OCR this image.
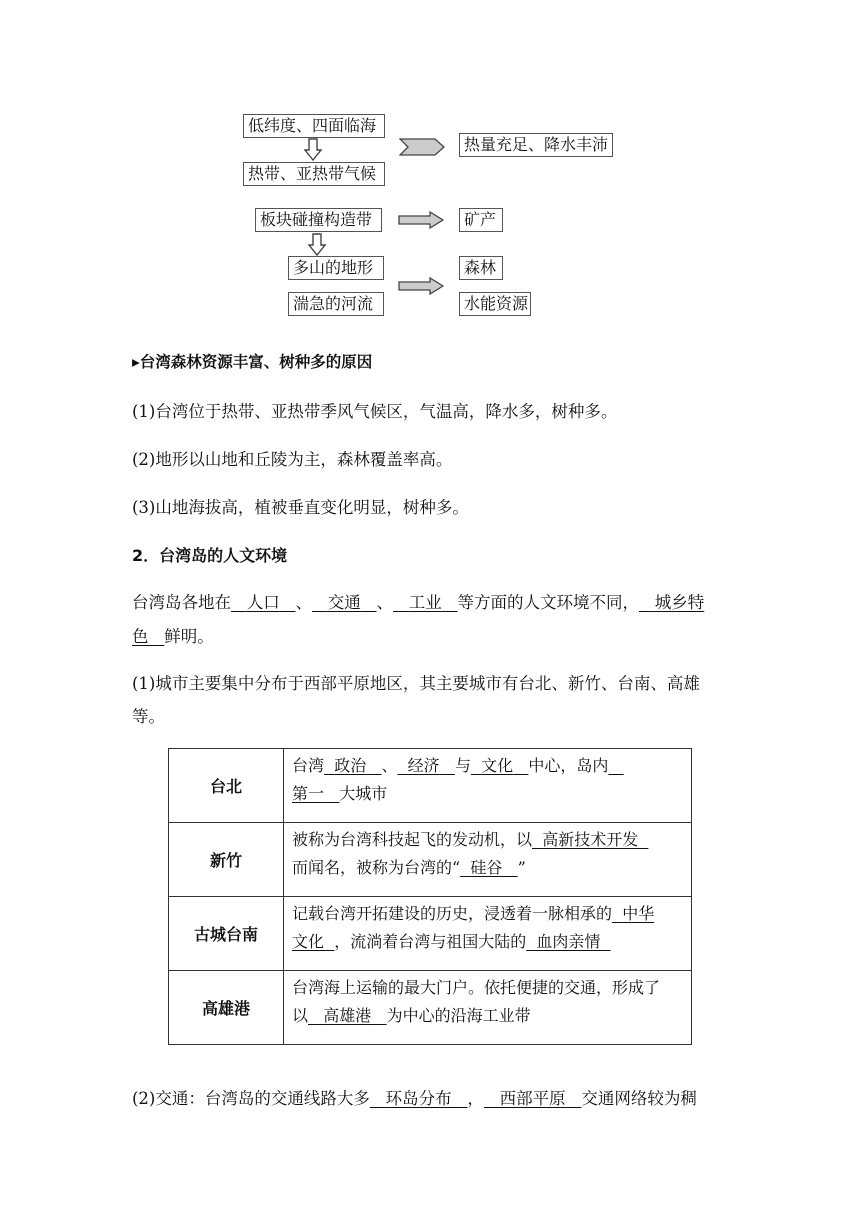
低纬度、四面临海
热带、亚热带气候
热量充足、降水丰沛
板块碰撞构造带	矿产
多山的地形	森林
湍急的河流	水能资源
▸台湾森林资源丰富、树种多的原因
(1)台湾位于热带、亚热带季风气候区，气温高，降水多，树种多。
(2)地形以山地和丘陵为主，森林覆盖率高。
(3)山地海拔高，植被垂直变化明显，树种多。
2．台湾岛的人文环境
台湾岛各地在 人口 、 交通 、 工业 等方面的人文环境不同， 城乡特
色 鲜明。
(1)城市主要集中分布于西部平原地区，其主要城市有台北、新竹、台南、高雄
等。
台北	台湾 政治 、 经济 与 文化 中心，岛内
第一 大城市
新竹	被称为台湾科技起飞的发动机，以 高新技术开发
而闻名，被称为台湾的“ 硅谷 ”
古城台南	记载台湾开拓建设的历史，浸透着一脉相承的 中华
文化 ，流淌着台湾与祖国大陆的 血肉亲情
高雄港	台湾海上运输的最大门户。依托便捷的交通，形成了
以 高雄港 为中心的沿海工业带
(2)交通：台湾岛的交通线路大多 环岛分布 ， 西部平原 交通网络较为稠
